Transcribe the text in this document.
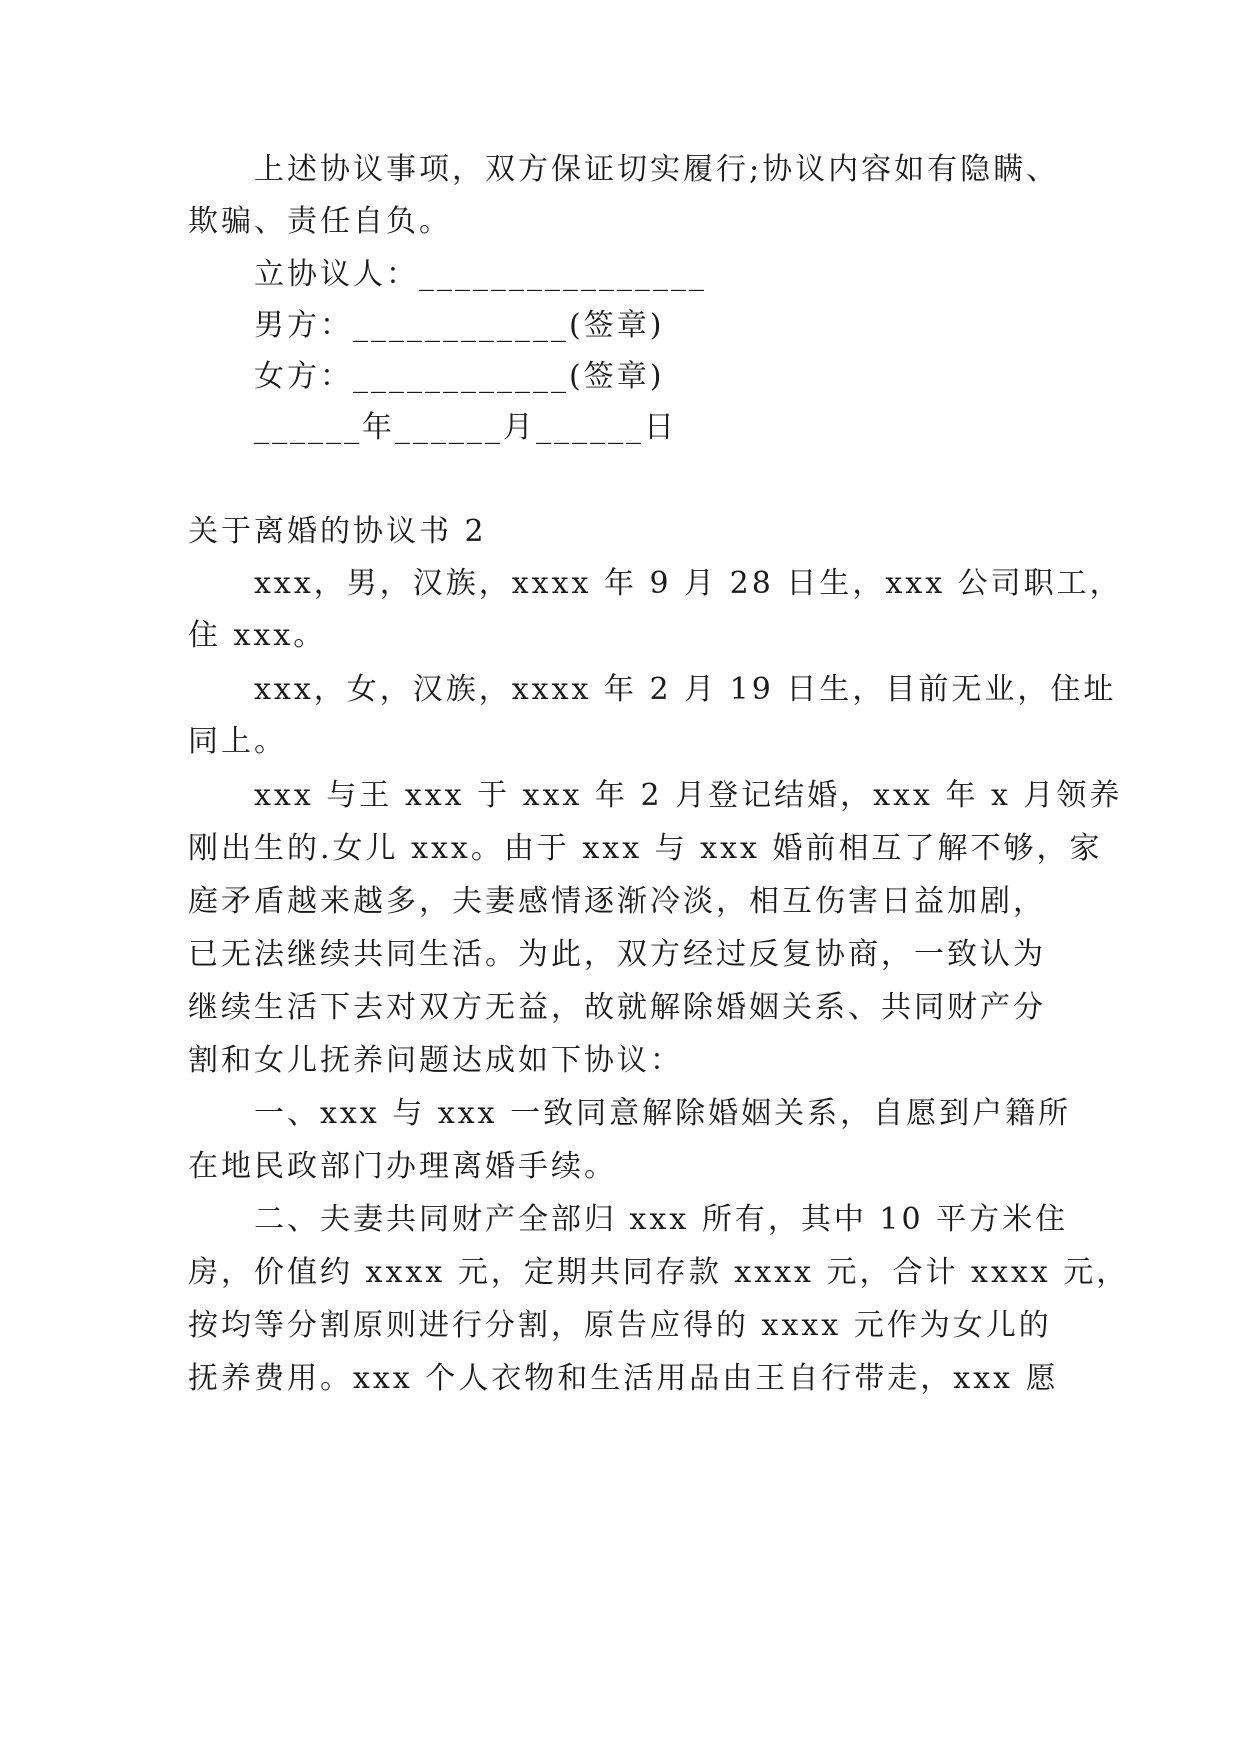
上述协议事项，双方保证切实履行;协议内容如有隐瞒、
欺骗、责任自负。
立协议人：________________
男方：____________(签章)
女方：____________(签章)
______年______月______日
关于离婚的协议书 2
xxx，男，汉族，xxxx 年 9 月 28 日生，xxx 公司职工，
住 xxx。
xxx，女，汉族，xxxx 年 2 月 19 日生，目前无业，住址
同上。
xxx 与王 xxx 于 xxx 年 2 月登记结婚，xxx 年 x 月领养
刚出生的.女儿 xxx。由于 xxx 与 xxx 婚前相互了解不够，家
庭矛盾越来越多，夫妻感情逐渐冷淡，相互伤害日益加剧，
已无法继续共同生活。为此，双方经过反复协商，一致认为
继续生活下去对双方无益，故就解除婚姻关系、共同财产分
割和女儿抚养问题达成如下协议：
一、xxx 与 xxx 一致同意解除婚姻关系，自愿到户籍所
在地民政部门办理离婚手续。
二、夫妻共同财产全部归 xxx 所有，其中 10 平方米住
房，价值约 xxxx 元，定期共同存款 xxxx 元，合计 xxxx 元，
按均等分割原则进行分割，原告应得的 xxxx 元作为女儿的
抚养费用。xxx 个人衣物和生活用品由王自行带走，xxx 愿
